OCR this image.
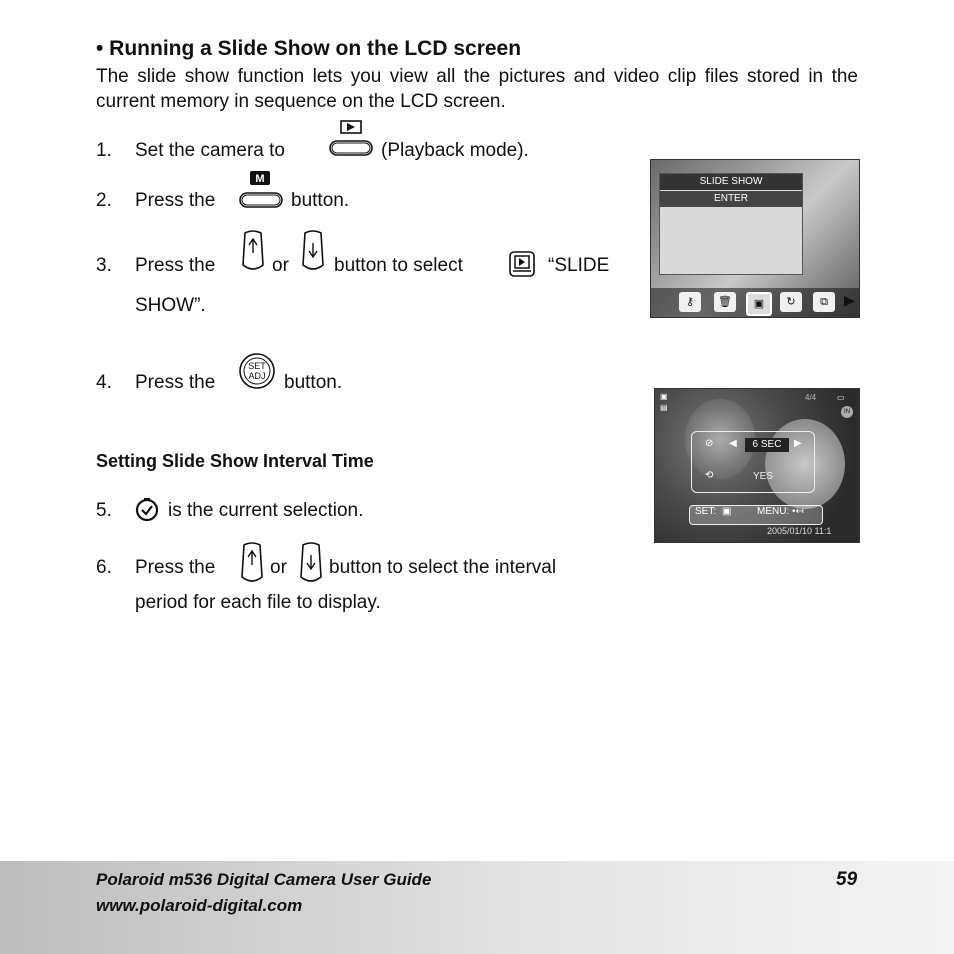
• Running a Slide Show on the LCD screen
The slide show function lets you view all the pictures and video clip files stored in the current memory in sequence on the LCD screen.
1. Set the camera to	(Playback mode).
2. Press the
M
button.
3. Press the	or button to select	“SLIDE
SHOW”.
4. Press the
SET
ADJ button.
Setting Slide Show Interval Time
5.	is the current selection.
6. Press the	or button to select the interval
period for each file to display.
SLIDE SHOW
ENTER
⚷	🗑	▣	↻	⧉	▶
▣
▤
4/4	▭
IN
⊘ ◀	6 SEC	▶
⟲	YES
SET: ▣	MENU: •↤
2005/01/10 11:1
Polaroid m536 Digital Camera User Guide
www.polaroid-digital.com
59
